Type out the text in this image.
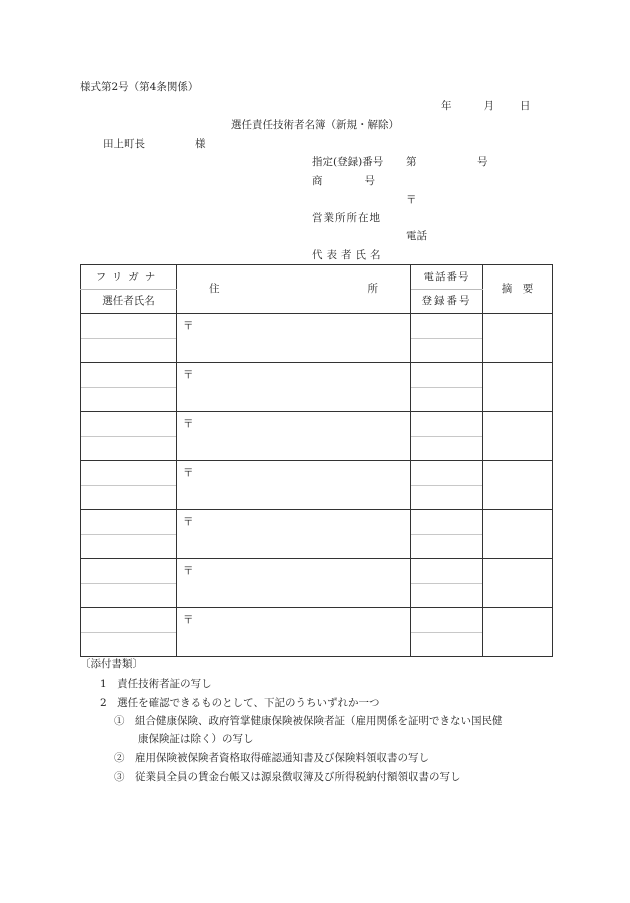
様式第2号（第4条関係）
年	月 日
選任責任技術者名簿（新規・解除）
田上町長	様
指定(登録)番号 第	号
商　　　　号
〒
営業所所在地
電話
代表者氏名
フリガナ	住 所	電話番号	摘　要
選任者氏名		登録番号	

	〒		

	〒		

	〒		

	〒		

	〒		

	〒		

	〒		

〔添付書類〕
1　責任技術者証の写し
2　選任を確認できるものとして、下記のうちいずれか一つ
①　組合健康保険、政府管掌健康保険被保険者証（雇用関係を証明できない国民健
康保険証は除く）の写し
②　雇用保険被保険者資格取得確認通知書及び保険料領収書の写し
③　従業員全員の賃金台帳又は源泉徴収簿及び所得税納付額領収書の写し
